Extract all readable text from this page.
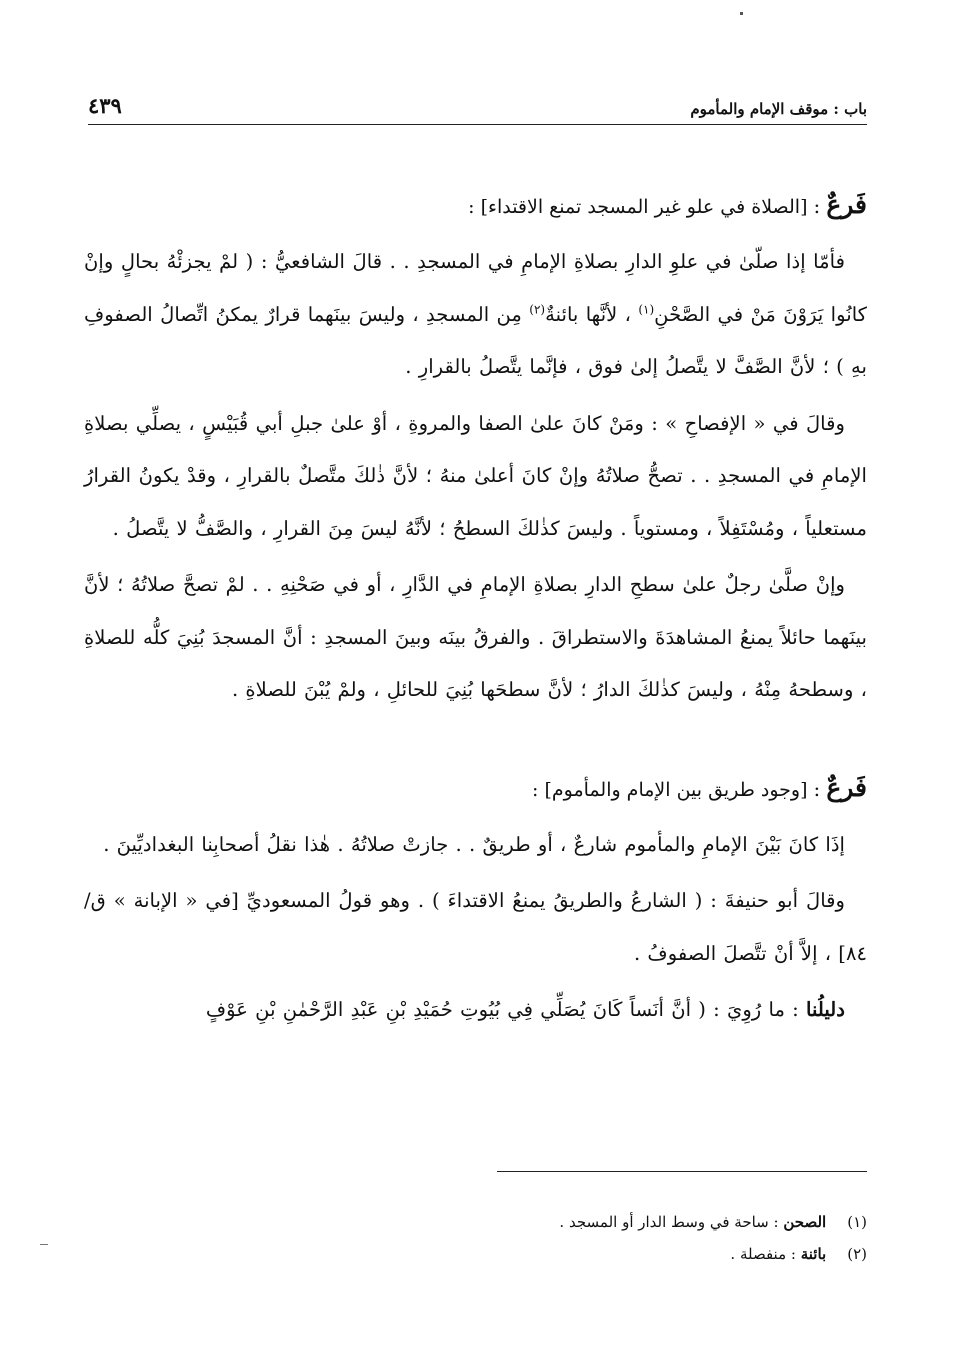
باب : موقف الإمام والمأموم
٤٣٩
فَرعٌ : [الصلاة في علو غير المسجد تمنع الاقتداء] :

فأمّا إذا صلّىٰ في علوِ الدارِ بصلاةِ الإمامِ في المسجدِ . . قالَ الشافعيُّ : ( لمْ يجزئْهُ بحالٍ وإنْ كانُوا يَرَوْنَ مَنْ في الصَّحْنِ$^{(١)}$ ، لأنَّها بائنةٌ$^{(٢)}$ مِن المسجدِ ، وليسَ بينَهما قرارٌ يمكنُ اتِّصالُ الصفوفِ بهِ ) ؛ لأنَّ الصَّفَّ لا يتَّصلُ إلىٰ فوق ، فإنَّما يتَّصلُ بالقرارِ .

وقالَ في « الإفصاحِ » : ومَنْ كانَ علىٰ الصفا والمروةِ ، أوْ علىٰ جبلِ أبي قُبَيْسٍ ، يصلِّي بصلاةِ الإمامِ في المسجدِ . . تصحُّ صلاتُهُ وإنْ كانَ أعلىٰ منهُ ؛ لأنَّ ذٰلكَ متَّصلٌ بالقرارِ ، وقدْ يكونُ القرارُ مستعلياً ، ومُسْتَفِلاً ، ومستوياً . وليسَ كذٰلكَ السطحُ ؛ لأنَّهُ ليسَ مِنَ القرارِ ، والصَّفُّ لا يتَّصلُ .

وإنْ صلَّىٰ رجلٌ علىٰ سطحِ الدارِ بصلاةِ الإمامِ في الدَّارِ ، أو في صَحْنِهِ . . لمْ تصحَّ صلاتُهُ ؛ لأنَّ بينَهما حائلاً يمنعُ المشاهدَةَ والاستطراقَ . والفرقُ بينَه وبينَ المسجدِ : أنَّ المسجدَ بُنِيَ كلُّه للصلاةِ ، وسطحهُ مِنْهُ ، وليسَ كذٰلكَ الدارُ ؛ لأنَّ سطحَها بُنِيَ للحائلِ ، ولمْ يُبْنَ للصلاةِ .

فَرعٌ : [وجود طريق بين الإمام والمأموم] :

إذَا كانَ بَيْنَ الإمامِ والمأموم شارعٌ ، أو طريقٌ . . جازتْ صلاتُهُ . هٰذا نقلُ أصحابِنا البغداديِّينَ .

وقالَ أبو حنيفةَ : ( الشارعُ والطريقُ يمنعُ الاقتداءَ ) . وهو قولُ المسعوديِّ [في « الإبانة » ق/ ٨٤] ، إلاَّ أنْ تتَّصلَ الصفوفُ .

دليلُنا : ما رُوِيَ : ( أنَّ أنَساً كَانَ يُصَلِّي فِي بُيُوتِ حُمَيْدِ بْنِ عَبْدِ الرَّحْمٰنِ بْنِ عَوْفٍ

(١) الصحن : ساحة في وسط الدار أو المسجد .
(٢) بائنة : منفصلة .
